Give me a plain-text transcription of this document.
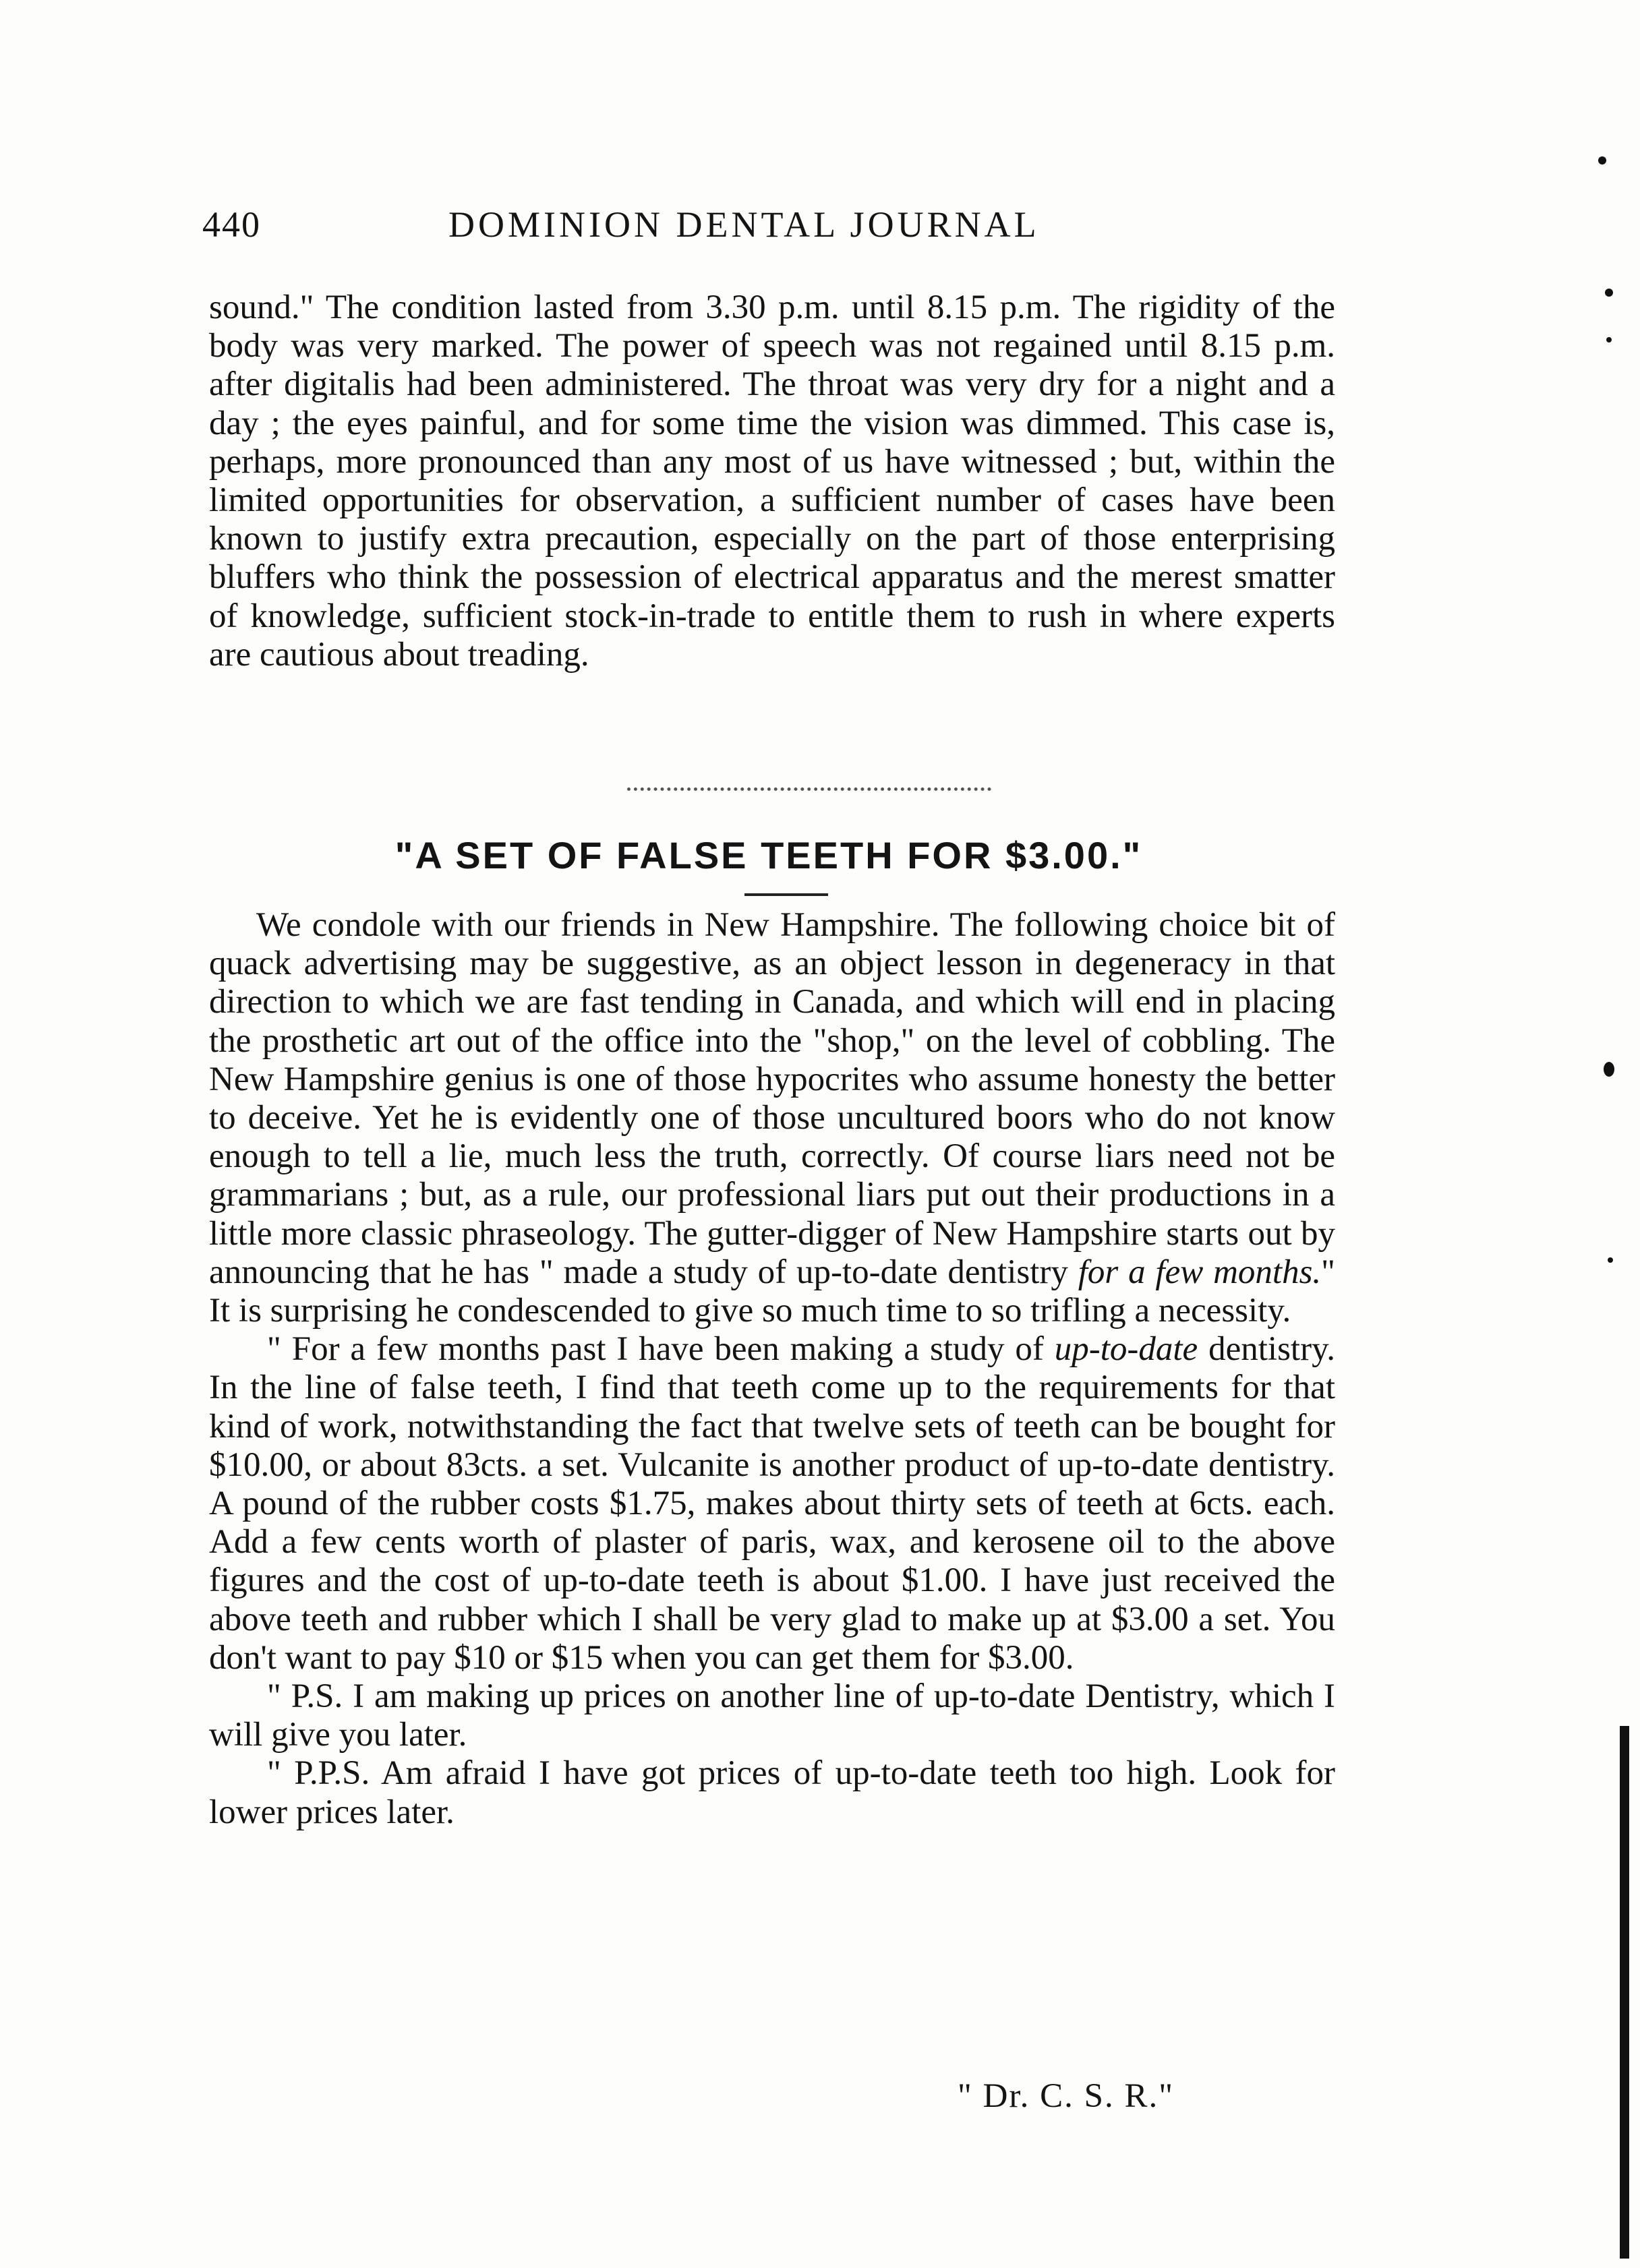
440	DOMINION DENTAL JOURNAL

sound." The condition lasted from 3.30 p.m. until 8.15 p.m. The rigidity of the body was very marked. The power of speech was not regained until 8.15 p.m. after digitalis had been administered. The throat was very dry for a night and a day ; the eyes painful, and for some time the vision was dimmed. This case is, perhaps, more pronounced than any most of us have witnessed ; but, within the limited opportunities for observation, a sufficient number of cases have been known to justify extra precaution, especially on the part of those enterprising bluffers who think the possession of electrical apparatus and the merest smatter of knowledge, sufficient stock-in-trade to entitle them to rush in where experts are cautious about treading.

"A SET OF FALSE TEETH FOR $3.00."

We condole with our friends in New Hampshire. The following choice bit of quack advertising may be suggestive, as an object lesson in degeneracy in that direction to which we are fast tending in Canada, and which will end in placing the prosthetic art out of the office into the "shop," on the level of cobbling. The New Hampshire genius is one of those hypocrites who assume honesty the better to deceive. Yet he is evidently one of those uncultured boors who do not know enough to tell a lie, much less the truth, correctly. Of course liars need not be grammarians ; but, as a rule, our professional liars put out their productions in a little more classic phraseology. The gutter-digger of New Hampshire starts out by announcing that he has " made a study of up-to-date dentistry for a few months." It is surprising he condescended to give so much time to so trifling a necessity.

" For a few months past I have been making a study of up-to-date dentistry. In the line of false teeth, I find that teeth come up to the requirements for that kind of work, notwithstanding the fact that twelve sets of teeth can be bought for $10.00, or about 83cts. a set. Vulcanite is another product of up-to-date dentistry. A pound of the rubber costs $1.75, makes about thirty sets of teeth at 6cts. each. Add a few cents worth of plaster of paris, wax, and kerosene oil to the above figures and the cost of up-to-date teeth is about $1.00. I have just received the above teeth and rubber which I shall be very glad to make up at $3.00 a set. You don't want to pay $10 or $15 when you can get them for $3.00.

" P.S. I am making up prices on another line of up-to-date Dentistry, which I will give you later.

" P.P.S. Am afraid I have got prices of up-to-date teeth too high. Look for lower prices later.

" Dr. C. S. R."
